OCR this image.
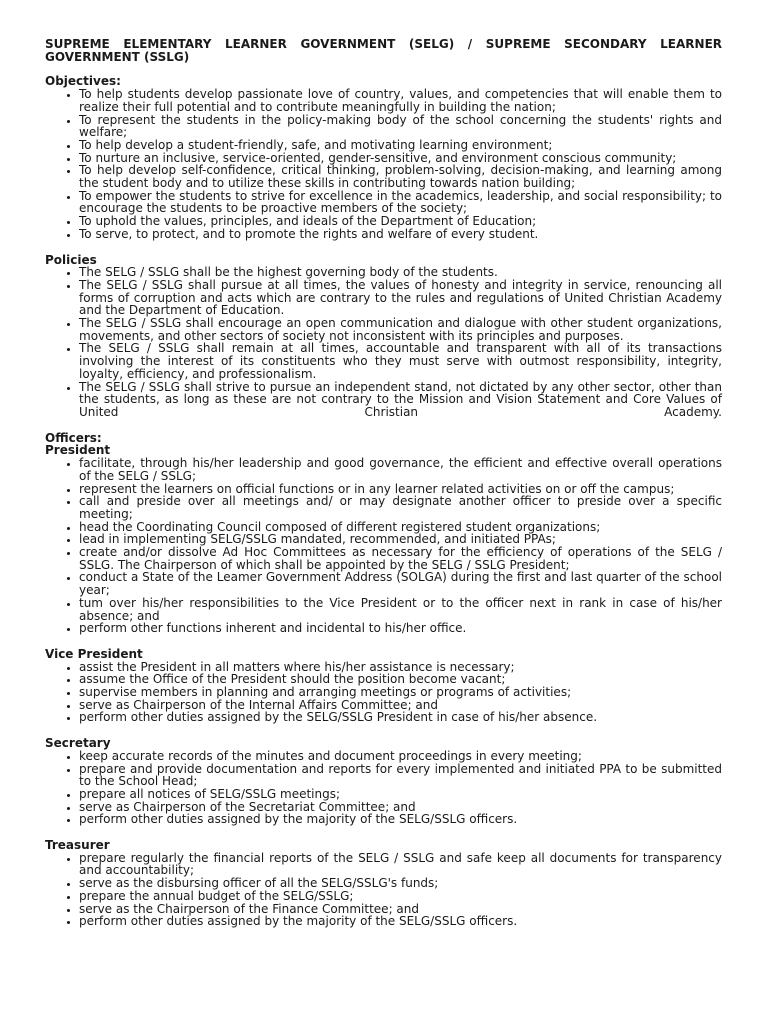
SUPREME ELEMENTARY LEARNER GOVERNMENT (SELG) / SUPREME SECONDARY LEARNER GOVERNMENT (SSLG)

Objectives:

• To help students develop passionate love of country, values, and competencies that will enable them to realize their full potential and to contribute meaningfully in building the nation;
• To represent the students in the policy-making body of the school concerning the students' rights and welfare;
• To help develop a student-friendly, safe, and motivating learning environment;
• To nurture an inclusive, service-oriented, gender-sensitive, and environment conscious community;
• To help develop self-confidence, critical thinking, problem-solving, decision-making, and learning among the student body and to utilize these skills in contributing towards nation building;
• To empower the students to strive for excellence in the academics, leadership, and social responsibility; to encourage the students to be proactive members of the society;
• To uphold the values, principles, and ideals of the Department of Education;
• To serve, to protect, and to promote the rights and welfare of every student.

Policies

• The SELG / SSLG shall be the highest governing body of the students.
• The SELG / SSLG shall pursue at all times, the values of honesty and integrity in service, renouncing all forms of corruption and acts which are contrary to the rules and regulations of United Christian Academy and the Department of Education.
• The SELG / SSLG shall encourage an open communication and dialogue with other student organizations, movements, and other sectors of society not inconsistent with its principles and purposes.
• The SELG / SSLG shall remain at all times, accountable and transparent with all of its transactions involving the interest of its constituents who they must serve with outmost responsibility, integrity, loyalty, efficiency, and professionalism.
• The SELG / SSLG shall strive to pursue an independent stand, not dictated by any other sector, other than the students, as long as these are not contrary to the Mission and Vision Statement and Core Values of United Christian Academy.

Officers:

President

• facilitate, through his/her leadership and good governance, the efficient and effective overall operations of the SELG / SSLG;
• represent the learners on official functions or in any learner related activities on or off the campus;
• call and preside over all meetings and/ or may designate another officer to preside over a specific meeting;
• head the Coordinating Council composed of different registered student organizations;
• lead in implementing SELG/SSLG mandated, recommended, and initiated PPAs;
• create and/or dissolve Ad Hoc Committees as necessary for the efficiency of operations of the SELG / SSLG. The Chairperson of which shall be appointed by the SELG / SSLG President;
• conduct a State of the Leamer Government Address (SOLGA) during the first and last quarter of the school year;
• tum over his/her responsibilities to the Vice President or to the officer next in rank in case of his/her absence; and
• perform other functions inherent and incidental to his/her office.

Vice President

• assist the President in all matters where his/her assistance is necessary;
• assume the Office of the President should the position become vacant;
• supervise members in planning and arranging meetings or programs of activities;
• serve as Chairperson of the Internal Affairs Committee; and
• perform other duties assigned by the SELG/SSLG President in case of his/her absence.

Secretary

• keep accurate records of the minutes and document proceedings in every meeting;
• prepare and provide documentation and reports for every implemented and initiated PPA to be submitted to the School Head;
• prepare all notices of SELG/SSLG meetings;
• serve as Chairperson of the Secretariat Committee; and
• perform other duties assigned by the majority of the SELG/SSLG officers.

Treasurer

• prepare regularly the financial reports of the SELG / SSLG and safe keep all documents for transparency and accountability;
• serve as the disbursing officer of all the SELG/SSLG's funds;
• prepare the annual budget of the SELG/SSLG;
• serve as the Chairperson of the Finance Committee; and
• perform other duties assigned by the majority of the SELG/SSLG officers.
